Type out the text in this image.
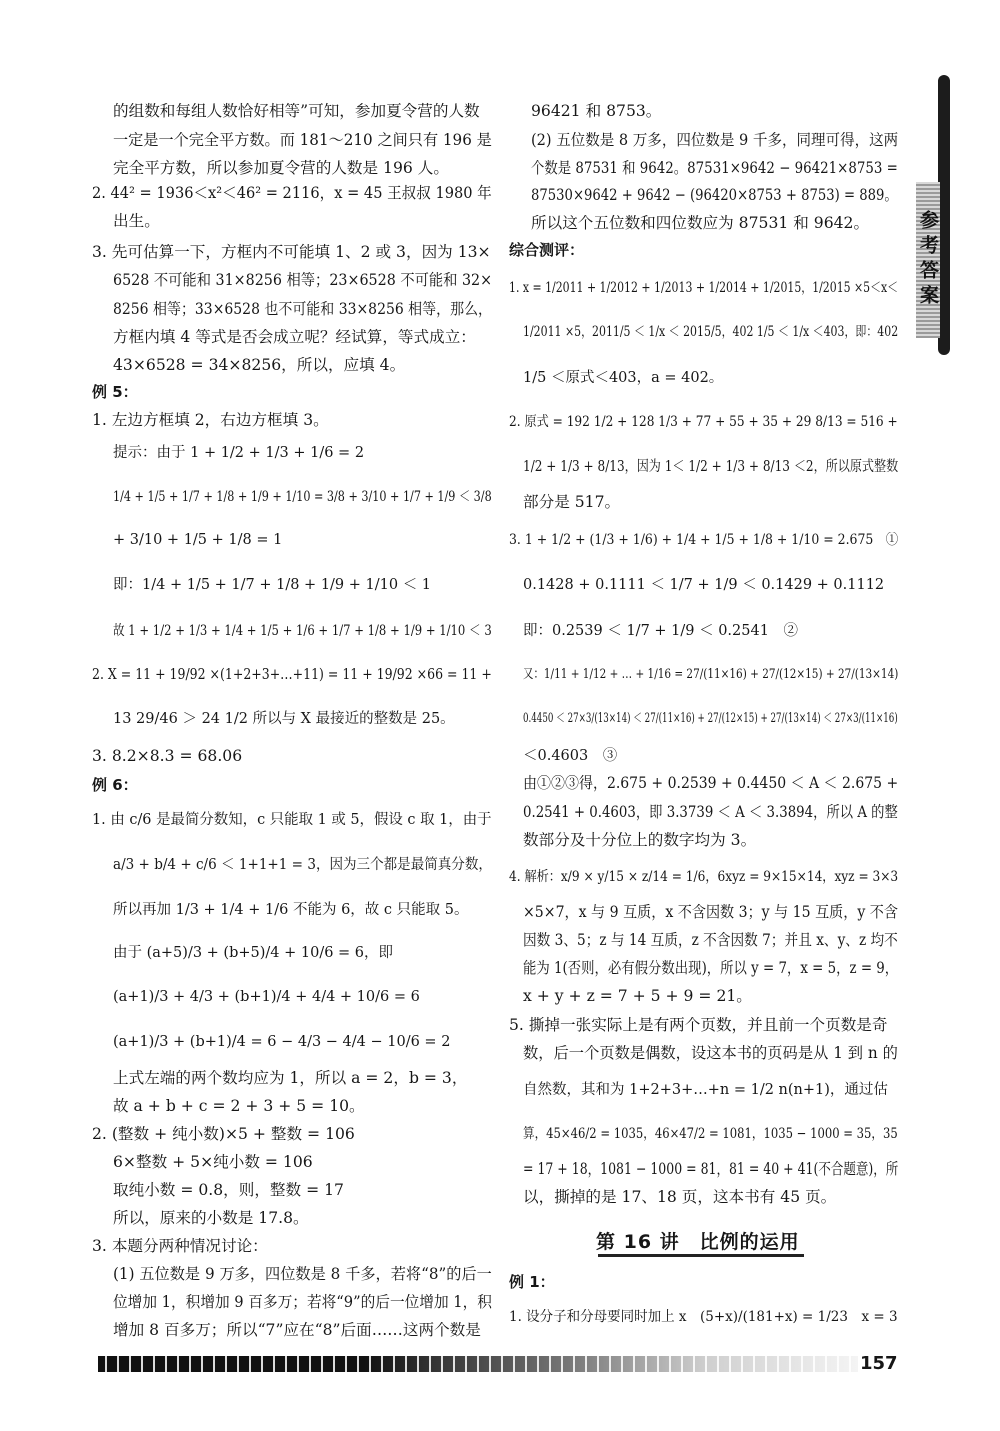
的组数和每组人数恰好相等”可知，参加夏令营的人数
一定是一个完全平方数。而 181～210 之间只有 196 是
完全平方数，所以参加夏令营的人数是 196 人。
2. 44² = 1936＜x²＜46² = 2116，x = 45 王叔叔 1980 年
出生。
3. 先可估算一下，方框内不可能填 1、2 或 3，因为 13×
6528 不可能和 31×8256 相等；23×6528 不可能和 32×
8256 相等；33×6528 也不可能和 33×8256 相等，那么，
方框内填 4 等式是否会成立呢？经试算，等式成立：
43×6528 = 34×8256，所以，应填 4。
例 5：
1. 左边方框填 2，右边方框填 3。
提示：由于 1 + 1/2 + 1/3 + 1/6 = 2
1/4 + 1/5 + 1/7 + 1/8 + 1/9 + 1/10 = 3/8 + 3/10 + 1/7 + 1/9 ＜ 3/8
+ 3/10 + 1/5 + 1/8 = 1
即：1/4 + 1/5 + 1/7 + 1/8 + 1/9 + 1/10 ＜ 1
故 1 + 1/2 + 1/3 + 1/4 + 1/5 + 1/6 + 1/7 + 1/8 + 1/9 + 1/10 ＜ 3
2. X = 11 + 19/92 ×(1+2+3+…+11) = 11 + 19/92 ×66 = 11 +
13 29/46 ＞ 24 1/2 所以与 X 最接近的整数是 25。
3. 8.2×8.3 = 68.06
例 6：
1. 由 c/6 是最简分数知，c 只能取 1 或 5，假设 c 取 1，由于
a/3 + b/4 + c/6 ＜ 1+1+1 = 3，因为三个都是最简真分数，
所以再加 1/3 + 1/4 + 1/6 不能为 6，故 c 只能取 5。
由于 (a+5)/3 + (b+5)/4 + 10/6 = 6，即
(a+1)/3 + 4/3 + (b+1)/4 + 4/4 + 10/6 = 6
(a+1)/3 + (b+1)/4 = 6 − 4/3 − 4/4 − 10/6 = 2
上式左端的两个数均应为 1，所以 a = 2，b = 3，
故 a + b + c = 2 + 3 + 5 = 10。
2. (整数 + 纯小数)×5 + 整数 = 106
6×整数 + 5×纯小数 = 106
取纯小数 = 0.8，则，整数 = 17
所以，原来的小数是 17.8。
3. 本题分两种情况讨论：
(1) 五位数是 9 万多，四位数是 8 千多，若将“8”的后一
位增加 1，积增加 9 百多万；若将“9”的后一位增加 1，积
增加 8 百多万；所以“7”应在“8”后面……这两个数是
96421 和 8753。
(2) 五位数是 8 万多，四位数是 9 千多，同理可得，这两
个数是 87531 和 9642。87531×9642 − 96421×8753 =
87530×9642 + 9642 − (96420×8753 + 8753) = 889。
所以这个五位数和四位数应为 87531 和 9642。
综合测评：
1. x = 1/2011 + 1/2012 + 1/2013 + 1/2014 + 1/2015，1/2015 ×5＜x＜
1/2011 ×5，2011/5 ＜ 1/x ＜ 2015/5，402 1/5 ＜ 1/x ＜403，即：402
1/5 ＜原式＜403，a = 402。
2. 原式 = 192 1/2 + 128 1/3 + 77 + 55 + 35 + 29 8/13 = 516 +
1/2 + 1/3 + 8/13，因为 1＜ 1/2 + 1/3 + 8/13 ＜2，所以原式整数
部分是 517。
3. 1 + 1/2 + (1/3 + 1/6) + 1/4 + 1/5 + 1/8 + 1/10 = 2.675　①
0.1428 + 0.1111 ＜ 1/7 + 1/9 ＜ 0.1429 + 0.1112
即：0.2539 ＜ 1/7 + 1/9 ＜ 0.2541　②
又：1/11 + 1/12 + … + 1/16 = 27/(11×16) + 27/(12×15) + 27/(13×14)
0.4450 ＜ 27×3/(13×14) ＜ 27/(11×16) + 27/(12×15) + 27/(13×14) ＜ 27×3/(11×16)
＜0.4603　③
由①②③得，2.675 + 0.2539 + 0.4450 ＜ A ＜ 2.675 +
0.2541 + 0.4603，即 3.3739 ＜ A ＜ 3.3894，所以 A 的整
数部分及十分位上的数字均为 3。
4. 解析：x/9 × y/15 × z/14 = 1/6，6xyz = 9×15×14，xyz = 3×3
×5×7，x 与 9 互质，x 不含因数 3；y 与 15 互质，y 不含
因数 3、5；z 与 14 互质，z 不含因数 7；并且 x、y、z 均不
能为 1(否则，必有假分数出现)，所以 y = 7，x = 5，z = 9，
x + y + z = 7 + 5 + 9 = 21。
5. 撕掉一张实际上是有两个页数，并且前一个页数是奇
数，后一个页数是偶数，设这本书的页码是从 1 到 n 的
自然数，其和为 1+2+3+…+n = 1/2 n(n+1)，通过估
算，45×46/2 = 1035，46×47/2 = 1081，1035 − 1000 = 35，35
= 17 + 18，1081 − 1000 = 81，81 = 40 + 41(不合题意)，所
以，撕掉的是 17、18 页，这本书有 45 页。
例 1：
1. 设分子和分母要同时加上 x　(5+x)/(181+x) = 1/23　x = 3
第 16 讲　比例的运用
参考答案
157
